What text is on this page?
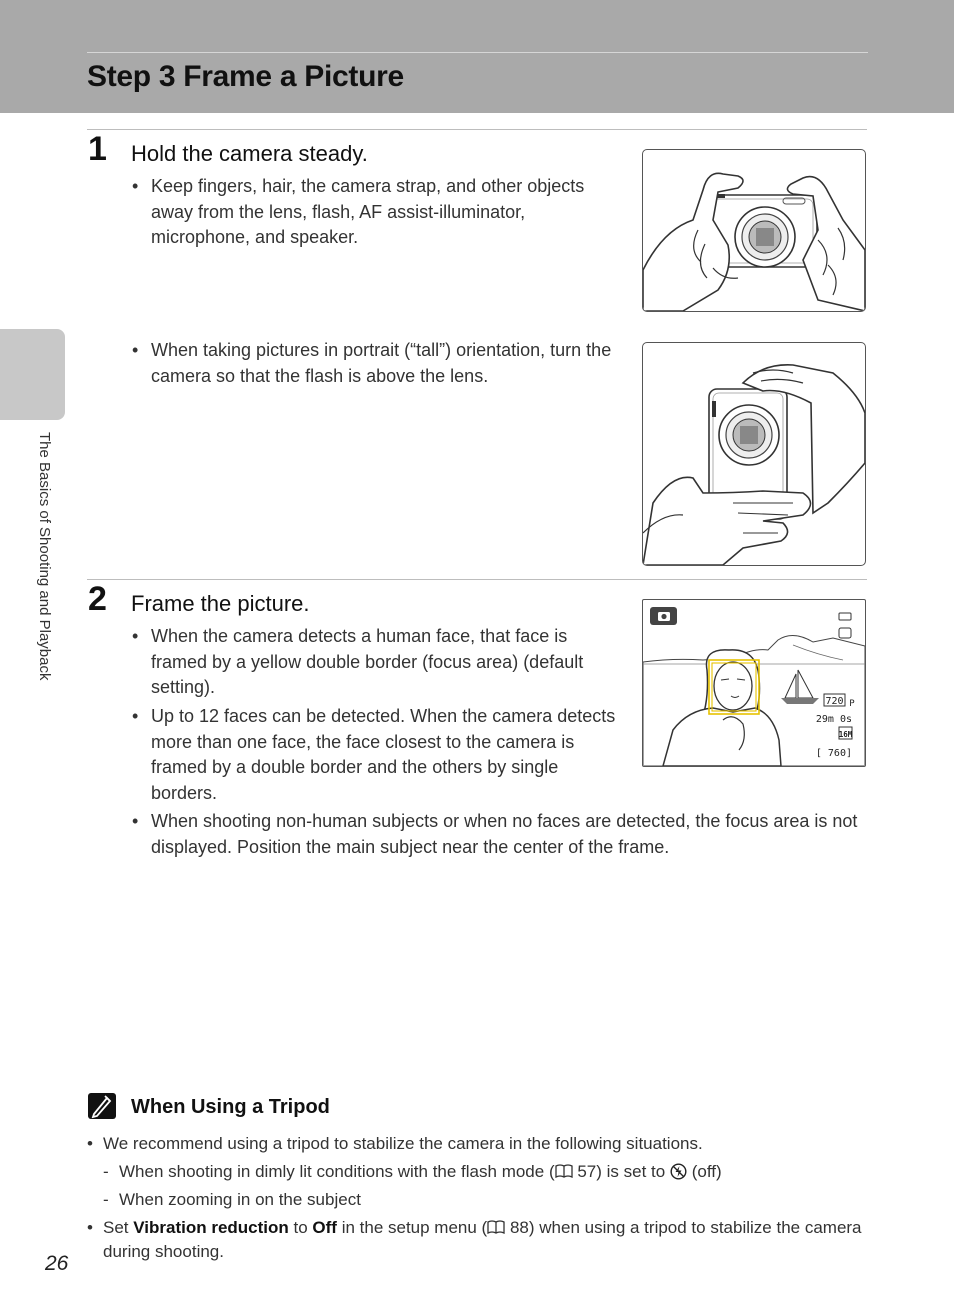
Step 3 Frame a Picture
The Basics of Shooting and Playback
1 Hold the camera steady.
• Keep fingers, hair, the camera strap, and other objects away from the lens, flash, AF assist-illuminator, microphone, and speaker.
• When taking pictures in portrait (“tall”) orientation, turn the camera so that the flash is above the lens.
2 Frame the picture.
• When the camera detects a human face, that face is framed by a yellow double border (focus area) (default setting).
• Up to 12 faces can be detected. When the camera detects more than one face, the face closest to the camera is framed by a double border and the others by single borders.
• When shooting non-human subjects or when no faces are detected, the focus area is not displayed. Position the main subject near the center of the frame.
720 P
29m 0s
16M
[ 760]
When Using a Tripod
• We recommend using a tripod to stabilize the camera in the following situations.
- When shooting in dimly lit conditions with the flash mode ( 57) is set to (off)
- When zooming in on the subject
• Set Vibration reduction to Off in the setup menu ( 88) when using a tripod to stabilize the camera during shooting.
26
